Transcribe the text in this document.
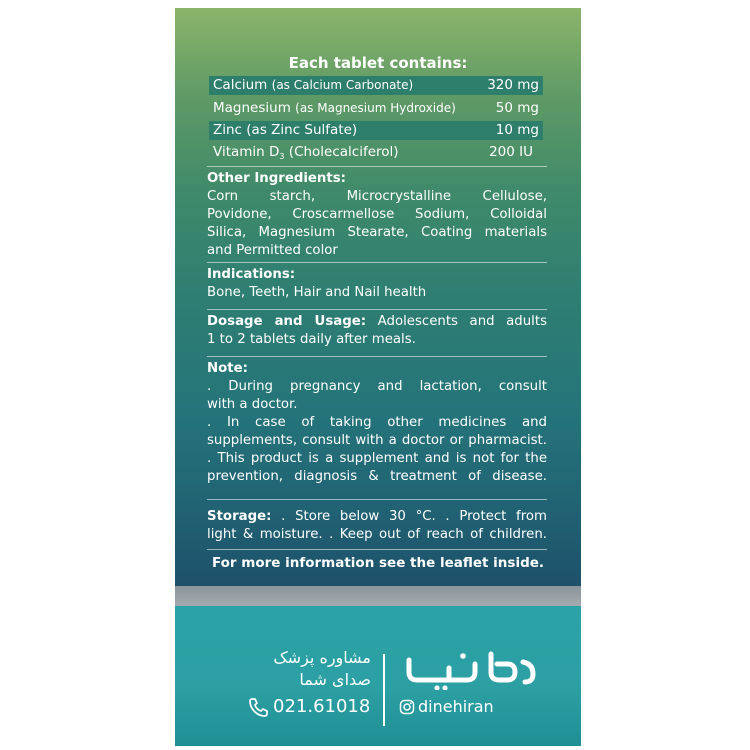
Each tablet contains:
Calcium (as Calcium Carbonate)	320 mg
Magnesium (as Magnesium Hydroxide)	50 mg
Zinc (as Zinc Sulfate)	10 mg
Vitamin $D_3$ (Cholecalciferol)	200 IU
Other Ingredients:
Corn starch, Microcrystalline Cellulose,
Povidone, Croscarmellose Sodium, Colloidal
Silica, Magnesium Stearate, Coating materials
and Permitted color
Indications:
Bone, Teeth, Hair and Nail health
Dosage and Usage: Adolescents and adults
1 to 2 tablets daily after meals.
Note:
. During pregnancy and lactation, consult
with a doctor.
. In case of taking other medicines and
supplements, consult with a doctor or pharmacist.
. This product is a supplement and is not for the
prevention, diagnosis & treatment of disease.
Storage: . Store below 30 °C. . Protect from
light & moisture. . Keep out of reach of children.
For more information see the leaflet inside.
مشاوره پزشک
صدای شما
021.61018	dinehiran
